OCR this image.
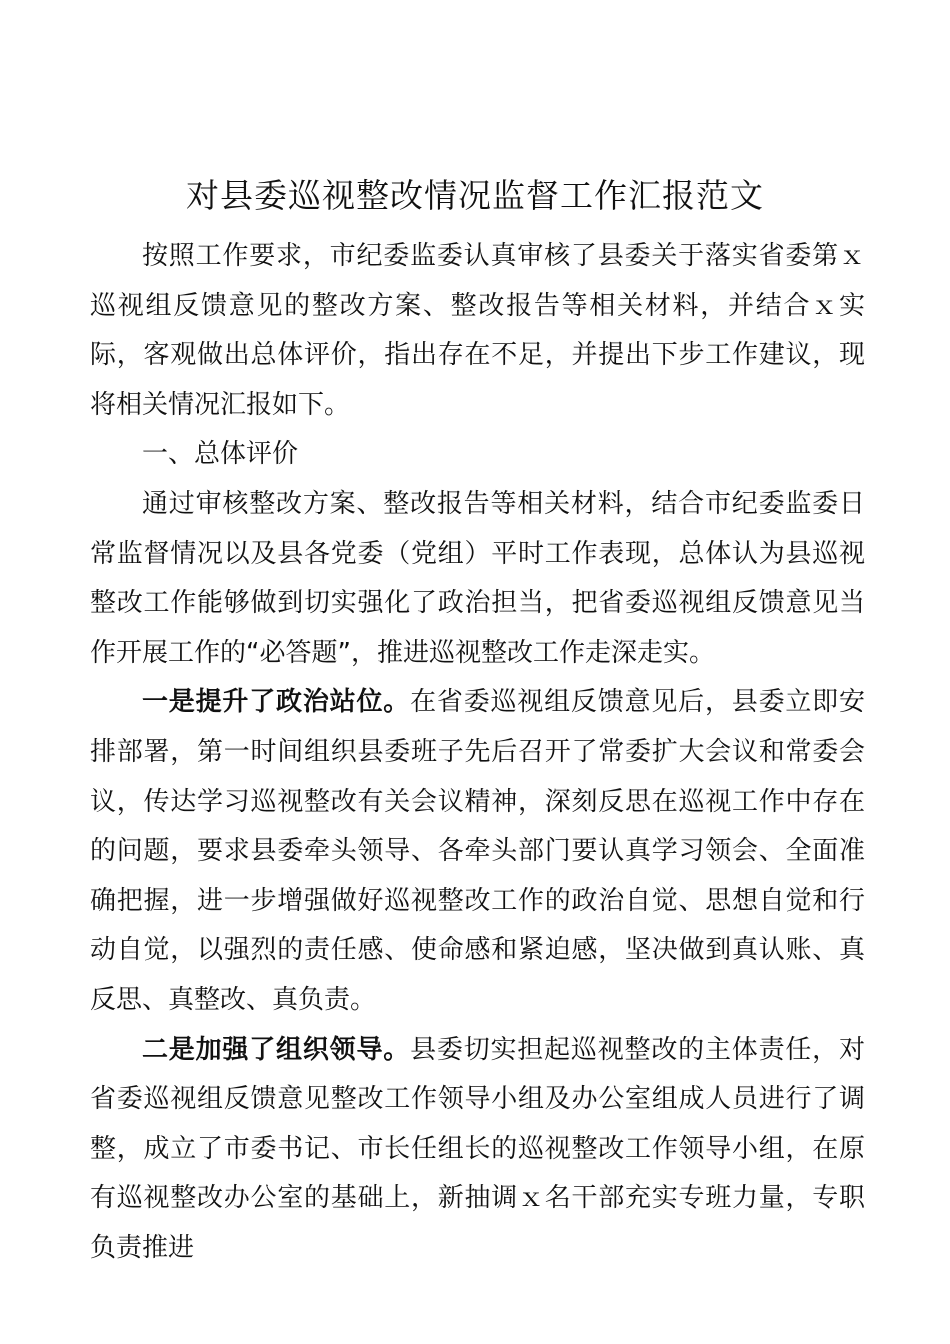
对县委巡视整改情况监督工作汇报范文

按照工作要求，市纪委监委认真审核了县委关于落实省委第ｘ巡视组反馈意见的整改方案、整改报告等相关材料，并结合ｘ实际，客观做出总体评价，指出存在不足，并提出下步工作建议，现将相关情况汇报如下。

一、总体评价

通过审核整改方案、整改报告等相关材料，结合市纪委监委日常监督情况以及县各党委（党组）平时工作表现，总体认为县巡视整改工作能够做到切实强化了政治担当，把省委巡视组反馈意见当作开展工作的“必答题”，推进巡视整改工作走深走实。

一是提升了政治站位。在省委巡视组反馈意见后，县委立即安排部署，第一时间组织县委班子先后召开了常委扩大会议和常委会议，传达学习巡视整改有关会议精神，深刻反思在巡视工作中存在的问题，要求县委牵头领导、各牵头部门要认真学习领会、全面准确把握，进一步增强做好巡视整改工作的政治自觉、思想自觉和行动自觉，以强烈的责任感、使命感和紧迫感，坚决做到真认账、真反思、真整改、真负责。

二是加强了组织领导。县委切实担起巡视整改的主体责任，对省委巡视组反馈意见整改工作领导小组及办公室组成人员进行了调整，成立了市委书记、市长任组长的巡视整改工作领导小组，在原有巡视整改办公室的基础上，新抽调ｘ名干部充实专班力量，专职负责推进
